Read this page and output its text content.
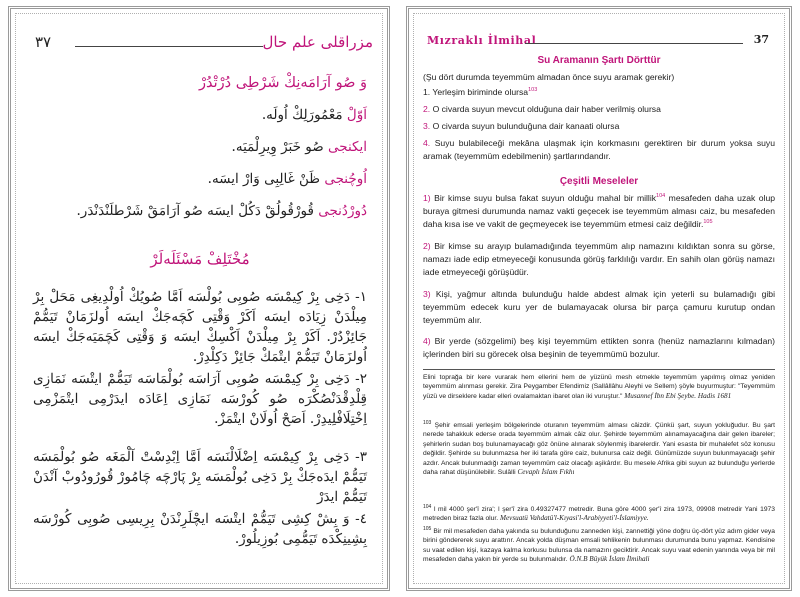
٣٧	مزراقلى علم حال
وَ صُو آرَامَەنِكْ شَرْطِى دُرْتْدُرْ
اَوّلْ مَعْمُورَلِكْ اُولَه.
ايكنجى صُو خَبَرْ وِيرِلْمَيَه.
اُوچُنجى ظَنْ غَالِبِى وَارْ ايسَه.
دُورْدُنجى قُورْقُولُقْ دَكُلْ ايسَه صُو آرَامَقْ شَرْطلَنْدَنْدَر.
مُخْتَلِفْ مَسْئَلَەلَرْ
١- دَخِى بِرْ كِيمْسَه صُوبِى بُولْسَه اَمَّا صُويُكْ اُولْدِيغِى مَحَلْ بِرْ مِيلْدَنْ زِيَادَه ايسَه اَكَرْ وَقْتِى كَچَەجَكْ ايسَه اُولزَمَانْ تَيَمُّمْ جَائِزْدُرْ. اَكَرْ بِرْ مِيلْدَنْ اَكْسِكْ ايسَه وَ وَقْتِى كَچَمَيَەجَكْ ايسَه اُولزَمَانْ تَيَمُّمْ ايتْمَكْ جَائِزْ دَكِلْدِرْ.
٢- دَخِى بِرْ كِيمْسَه صُوبِى آرَاسَه بُولْمَاسَه تَيَمُّمْ ايتْسَه نَمَازِى قِلْدِقْدَنْصُكْرَه صُو كُورْسَه نَمَازِى اِعَادَه ايدَرْمِى ايتْمَزْمِى اِخْتِلَافْلِيدِرْ. اَصَحْ اُولَانْ ايتْمَزْ.
٣- دَخِى بِرْ كِيمْسَه اِضْلَالْنَسَه اَمَّا اِبْدِسْتْ آلْمَغَه صُو بُولْمَسَه تَيَمُّمْ ايدَەجَكْ بِرْ دَخِى بُولْمَسَه بِرْ پَارْچَه چَامُورْ قُورُودُوبْ آنْدَنْ تَيَمُّمْ ايدَرْ
٤- وَ بِشْ كِشِى تَيَمُّمْ ايتْسَه ايچْلَرِنْدَنْ بِرِيسِى صُوبِى كُورْسَه بِشِينِكْدَه تَيَمُّمِى بُوزِيلُورْ.
Mızraklı İlmihal	37
Su Aramanın Şartı Dörttür
(Şu dört durumda teyemmüm almadan önce suyu aramak gerekir)
1. Yerleşim biriminde olursa$^{103}$
2. O civarda suyun mevcut olduğuna dair haber verilmiş olursa
3. O civarda suyun bulunduğuna dair kanaati olursa
4. Suyu bulabileceği mekâna ulaşmak için korkmasını gerektiren bir durum yoksa suyu aramak (teyemmüm edebilmenin) şartlarındandır.
Çeşitli Meseleler
1) Bir kimse suyu bulsa fakat suyun olduğu mahal bir millik$^{104}$ mesafeden daha uzak olup buraya gitmesi durumunda namaz vakti geçecek ise teyemmüm alması caiz, bu mesafeden daha kısa ise ve vakit de geçmeyecek ise teyemmüm etmesi caiz değildir.$^{105}$
2) Bir kimse su arayıp bulamadığında teyemmüm alıp namazını kıldıktan sonra su görse, namazı iade edip etmeyeceği konusunda görüş farklılığı vardır. En sahih olan görüş namazı iade etmeyeceği görüşüdür.
3) Kişi, yağmur altında bulunduğu halde abdest almak için yeterli su bulamadığı gibi teyemmüm edecek kuru yer de bulamayacak olursa bir parça çamuru kurutup ondan teyemmüm alır.
4) Bir yerde (sözgelimi) beş kişi teyemmüm ettikten sonra (henüz namazlarını kılmadan) içlerinden biri su görecek olsa beşinin de teyemmümü bozulur.
Elini toprağa bir kere vurarak hem ellerini hem de yüzünü mesh etmekle teyemmüm yapılmış olmaz yeniden teyemmüm alınması gerekir. Zira Peygamber Efendimiz (Sallâllâhu Aleyhi ve Sellem) şöyle buyurmuştur: "Teyemmüm yüzü ve dirseklere kadar elleri ovalamaktan ibaret olan iki vuruştur." Musannef İbn Ebi Şeybe. Hadis 1681
$^{103}$ Şehir emsali yerleşim bölgelerinde oturanın teyemmüm alması câizdir. Çünkü şart, suyun yokluğudur. Bu şart nerede tahakkuk ederse orada teyemmüm almak câiz olur. Şehirde teyemmüm alınamayacağına dair gelen ibareler; şehirlerin sudan boş bulunamayacağı göz önüne alınarak söylenmiş ibarelerdir. Yani esasta bir muhalefet söz konusu değildir. Şehirde su bulunmazsa her iki tarafa göre caiz, bulunursa caiz değil. Günümüzde suyun bulunmayacağı şehir azdır. Ancak bulunmadığı zaman teyemmüm caiz olacağı aşikârdır. Bu mesele Afrika gibi suyun az bulunduğu yerlerde daha rahat düşünülebilir. Sulâlli Cevaplı İslam Fıkhı
$^{104}$ l mil 4000 şer'î zira'; l şer'î zira 0.49327477 metredir. Buna göre 4000 şer'î zira 1973, 09908 metredir Yani 1973 metreden biraz fazla olur. Mevsuatü Vahdatü'l-Kıyasi'l-Arabiyyeti'l-İslamiyye.
$^{105}$ Bir mil mesafeden daha yakında su bulunduğunu zanneden kişi, zannettiği yöne doğru üç-dört yüz adım gider veya birini göndererek suyu arattırır. Ancak yolda düşman emsali tehlikenin bulunması durumunda bunu yapmaz. Kendisine su vaat edilen kişi, kazaya kalma korkusu bulunsa da namazını geciktirir. Ancak suyu vaat edenin yanında veya bir mil mesafeden daha yakın bir yerde su bulunmalıdır. Ö.N.B Büyük İslam İlmihali
